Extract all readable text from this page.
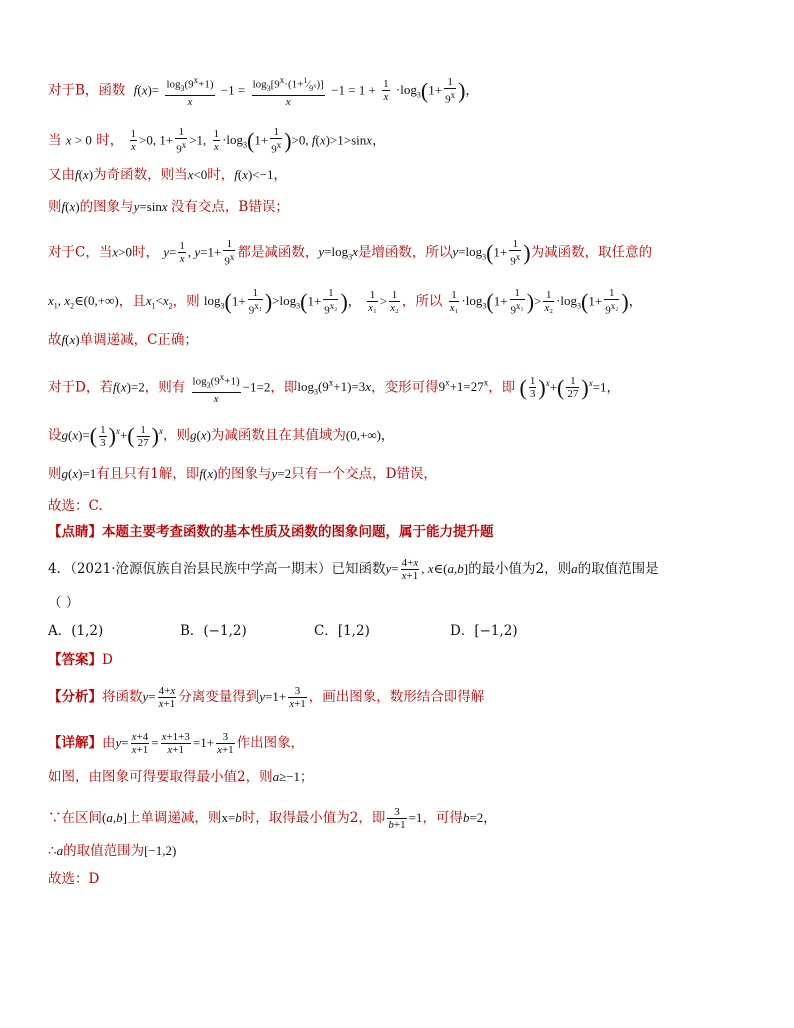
对于B，函数 $f(x)= \frac{\log_3(9^x+1)}{x} -1 = \frac{\log_3[9^x\cdot(1+^1⁄_{9^x})]}{x} -1 = 1 + \frac{1}{x} \cdot\log_3(1+ \frac{1}{9^x}$ )，
当 x > 0 时， $\frac{1}{x} >0$, $1+ \frac{1}{9^x} >1$, $\frac{1}{x} \cdot\log_3(1+ \frac{1}{9^x} )>0$, f(x)>1>sinx，
又由f(x)为奇函数，则当x<0时，f(x)<−1，
则f(x)的图象与y=sinx 没有交点，B错误；
对于C，当x>0时， $y= \frac{1}{x}$ , $y=1+ \frac{1}{9^x}$ 都是减函数，$y=\log_3x$是增函数，所以$y=\log_3(1+ \frac{1}{9^x}$ )为减函数，取任意的
$x_1$, $x_2\in(0,+\infty)$，且$x_1<x_2$，则 $\log_3(1+ \frac{1}{9^{x_1}} )>\log_3(1+ \frac{1}{9^{x_2}}$ )， $\frac{1}{\text{x₁}} > \frac{1}{\text{x₂}}$ ，所以 $\frac{1}{\text{x₁}} \cdot\log_3(1+ \frac{1}{9^{x_1}}$ )> $\frac{1}{\text{x₂}} \cdot\log_3(1+ \frac{1}{9^{x_2}}$ )，
故f(x)单调递减，C正确；
对于D，若f(x)=2，则有 $\frac{\log_3(9^x+1)}{x} -1=2$，即$\log_3(9^x+1)=3x$，变形可得$9^x+1=27^x$，即 ( $\frac{1}{3} )^x+( \frac{1}{27} )^x=1$，
设$g(x)=( \frac{1}{3} )^x+( \frac{1}{27} )^x$，则g(x)为减函数且在其值域为(0,+∞)，
则g(x)=1有且只有1解，即f(x)的图象与y=2只有一个交点，D错误，
故选：C.
【点睛】本题主要考查函数的基本性质及函数的图象问题，属于能力提升题
4．（2021·沧源佤族自治县民族中学高一期末）已知函数$y= \frac{4+x}{x+1}$ , x∈(a,b]的最小值为2，则a的取值范围是
（ ）
A．(1,2)	B．(−1,2)	C．[1,2)	D．[−1,2)
【答案】D
【分析】将函数$y= \frac{4+x}{x+1}$ 分离变量得到$y=1+ \frac{3}{x+1}$ ，画出图象，数形结合即得解
【详解】由$y= \frac{x+4}{x+1} = \frac{x+1+3}{x+1} =1+ \frac{3}{x+1}$ 作出图象，
如图，由图象可得要取得最小值2，则a≥−1；
∵在区间(a,b]上单调递减，则x=b时，取得最小值为2，即 $\frac{3}{b+1} =1$，可得b=2，
∴a的取值范围为[−1,2)
故选：D
